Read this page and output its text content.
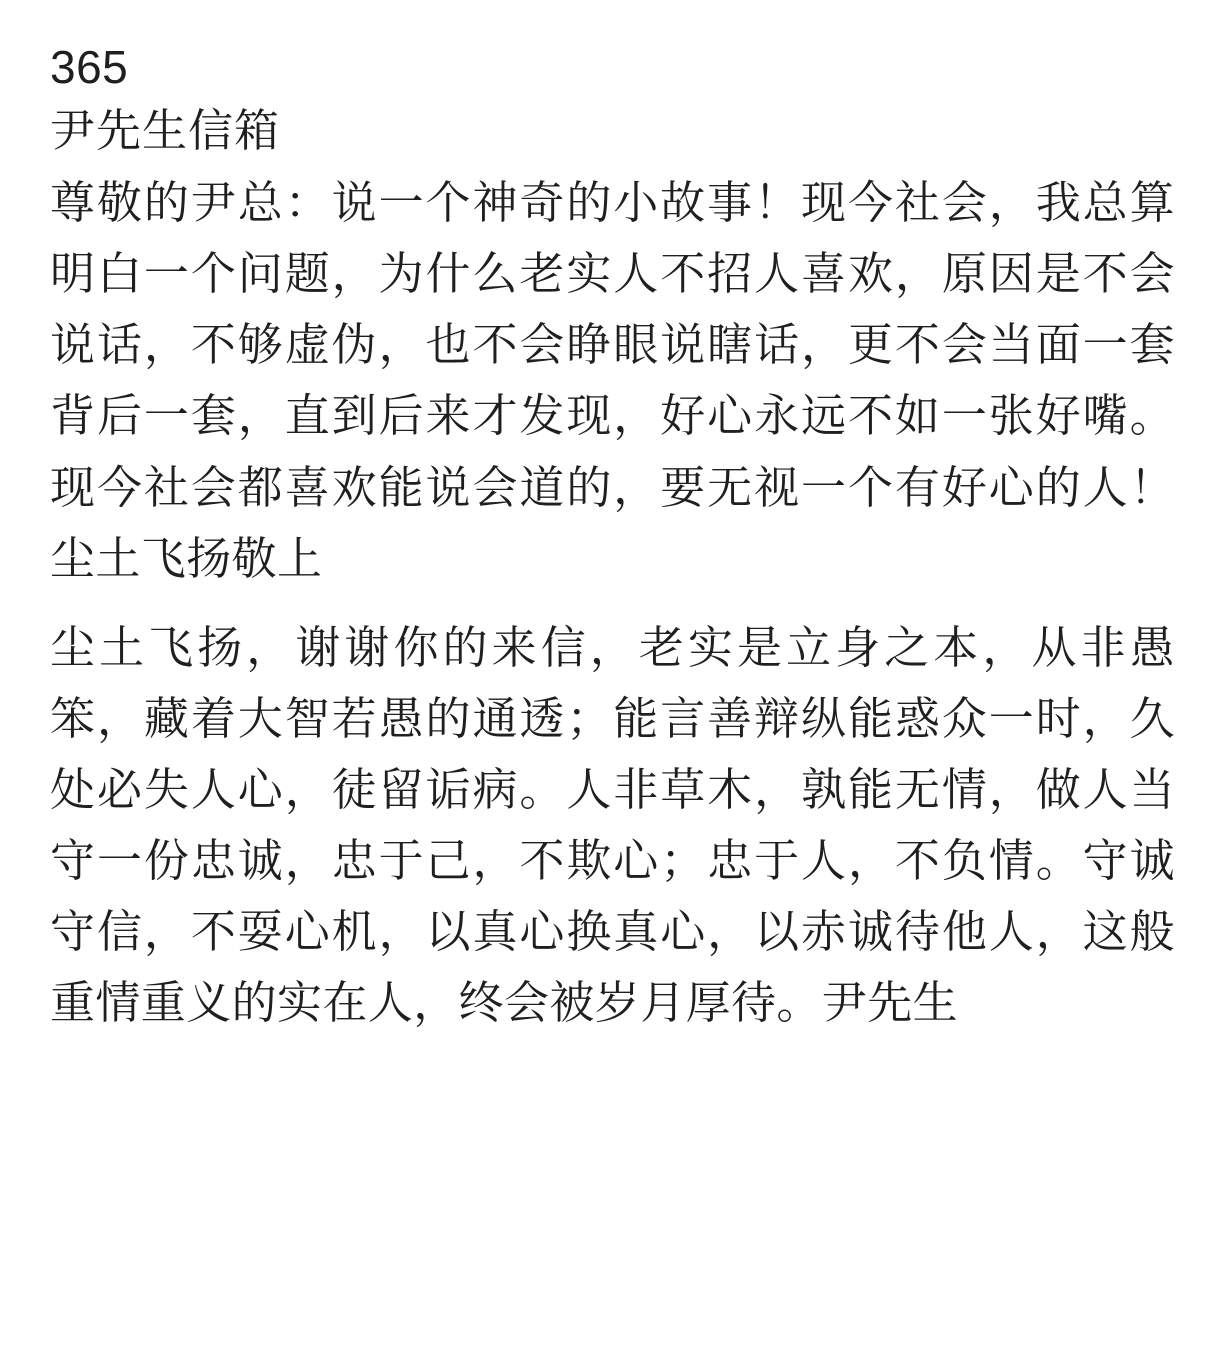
365
尹先生信箱

尊敬的尹总：说一个神奇的小故事！现今社会，我总算明白一个问题，为什么老实人不招人喜欢，原因是不会说话，不够虚伪，也不会睁眼说瞎话，更不会当面一套背后一套，直到后来才发现，好心永远不如一张好嘴。现今社会都喜欢能说会道的，要无视一个有好心的人！尘土飞扬敬上

尘土飞扬，谢谢你的来信，老实是立身之本，从非愚笨，藏着大智若愚的通透；能言善辩纵能惑众一时，久处必失人心，徒留诟病。人非草木，孰能无情，做人当守一份忠诚，忠于己，不欺心；忠于人，不负情。守诚守信，不耍心机，以真心换真心，以赤诚待他人，这般重情重义的实在人，终会被岁月厚待。尹先生
